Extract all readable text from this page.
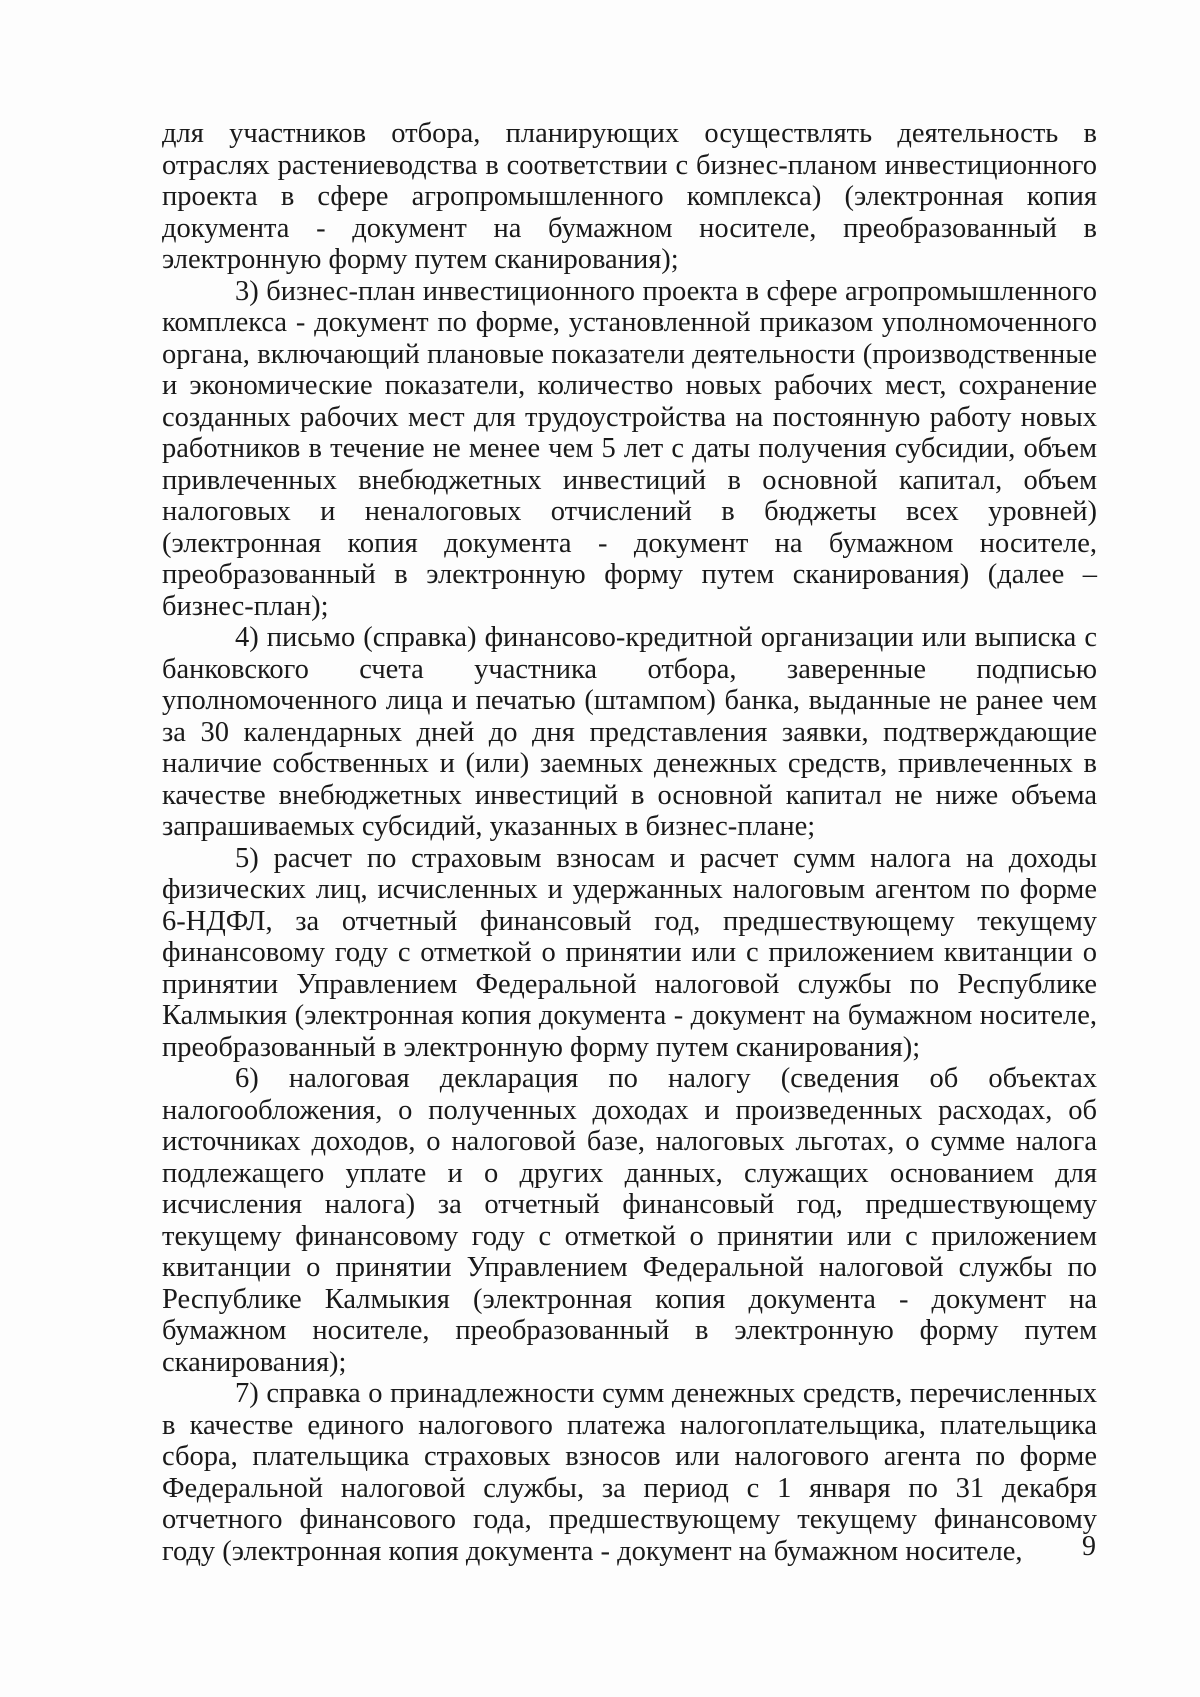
для участников отбора, планирующих осуществлять деятельность в отраслях растениеводства в соответствии с бизнес-планом инвестиционного проекта в сфере агропромышленного комплекса) (электронная копия документа - документ на бумажном носителе, преобразованный в электронную форму путем сканирования);

3) бизнес-план инвестиционного проекта в сфере агропромышленного комплекса - документ по форме, установленной приказом уполномоченного органа, включающий плановые показатели деятельности (производственные и экономические показатели, количество новых рабочих мест, сохранение созданных рабочих мест для трудоустройства на постоянную работу новых работников в течение не менее чем 5 лет с даты получения субсидии, объем привлеченных внебюджетных инвестиций в основной капитал, объем налоговых и неналоговых отчислений в бюджеты всех уровней) (электронная копия документа - документ на бумажном носителе, преобразованный в электронную форму путем сканирования) (далее – бизнес-план);

4) письмо (справка) финансово-кредитной организации или выписка с банковского счета участника отбора, заверенные подписью уполномоченного лица и печатью (штампом) банка, выданные не ранее чем за 30 календарных дней до дня представления заявки, подтверждающие наличие собственных и (или) заемных денежных средств, привлеченных в качестве внебюджетных инвестиций в основной капитал не ниже объема запрашиваемых субсидий, указанных в бизнес-плане;

5) расчет по страховым взносам и расчет сумм налога на доходы физических лиц, исчисленных и удержанных налоговым агентом по форме 6-НДФЛ, за отчетный финансовый год, предшествующему текущему финансовому году с отметкой о принятии или с приложением квитанции о принятии Управлением Федеральной налоговой службы по Республике Калмыкия (электронная копия документа - документ на бумажном носителе, преобразованный в электронную форму путем сканирования);

6) налоговая декларация по налогу (сведения об объектах налогообложения, о полученных доходах и произведенных расходах, об источниках доходов, о налоговой базе, налоговых льготах, о сумме налога подлежащего уплате и о других данных, служащих основанием для исчисления налога) за отчетный финансовый год, предшествующему текущему финансовому году с отметкой о принятии или с приложением квитанции о принятии Управлением Федеральной налоговой службы по Республике Калмыкия (электронная копия документа - документ на бумажном носителе, преобразованный в электронную форму путем сканирования);

7) справка о принадлежности сумм денежных средств, перечисленных в качестве единого налогового платежа налогоплательщика, плательщика сбора, плательщика страховых взносов или налогового агента по форме Федеральной налоговой службы, за период с 1 января по 31 декабря отчетного финансового года, предшествующему текущему финансовому году (электронная копия документа - документ на бумажном носителе,	9
